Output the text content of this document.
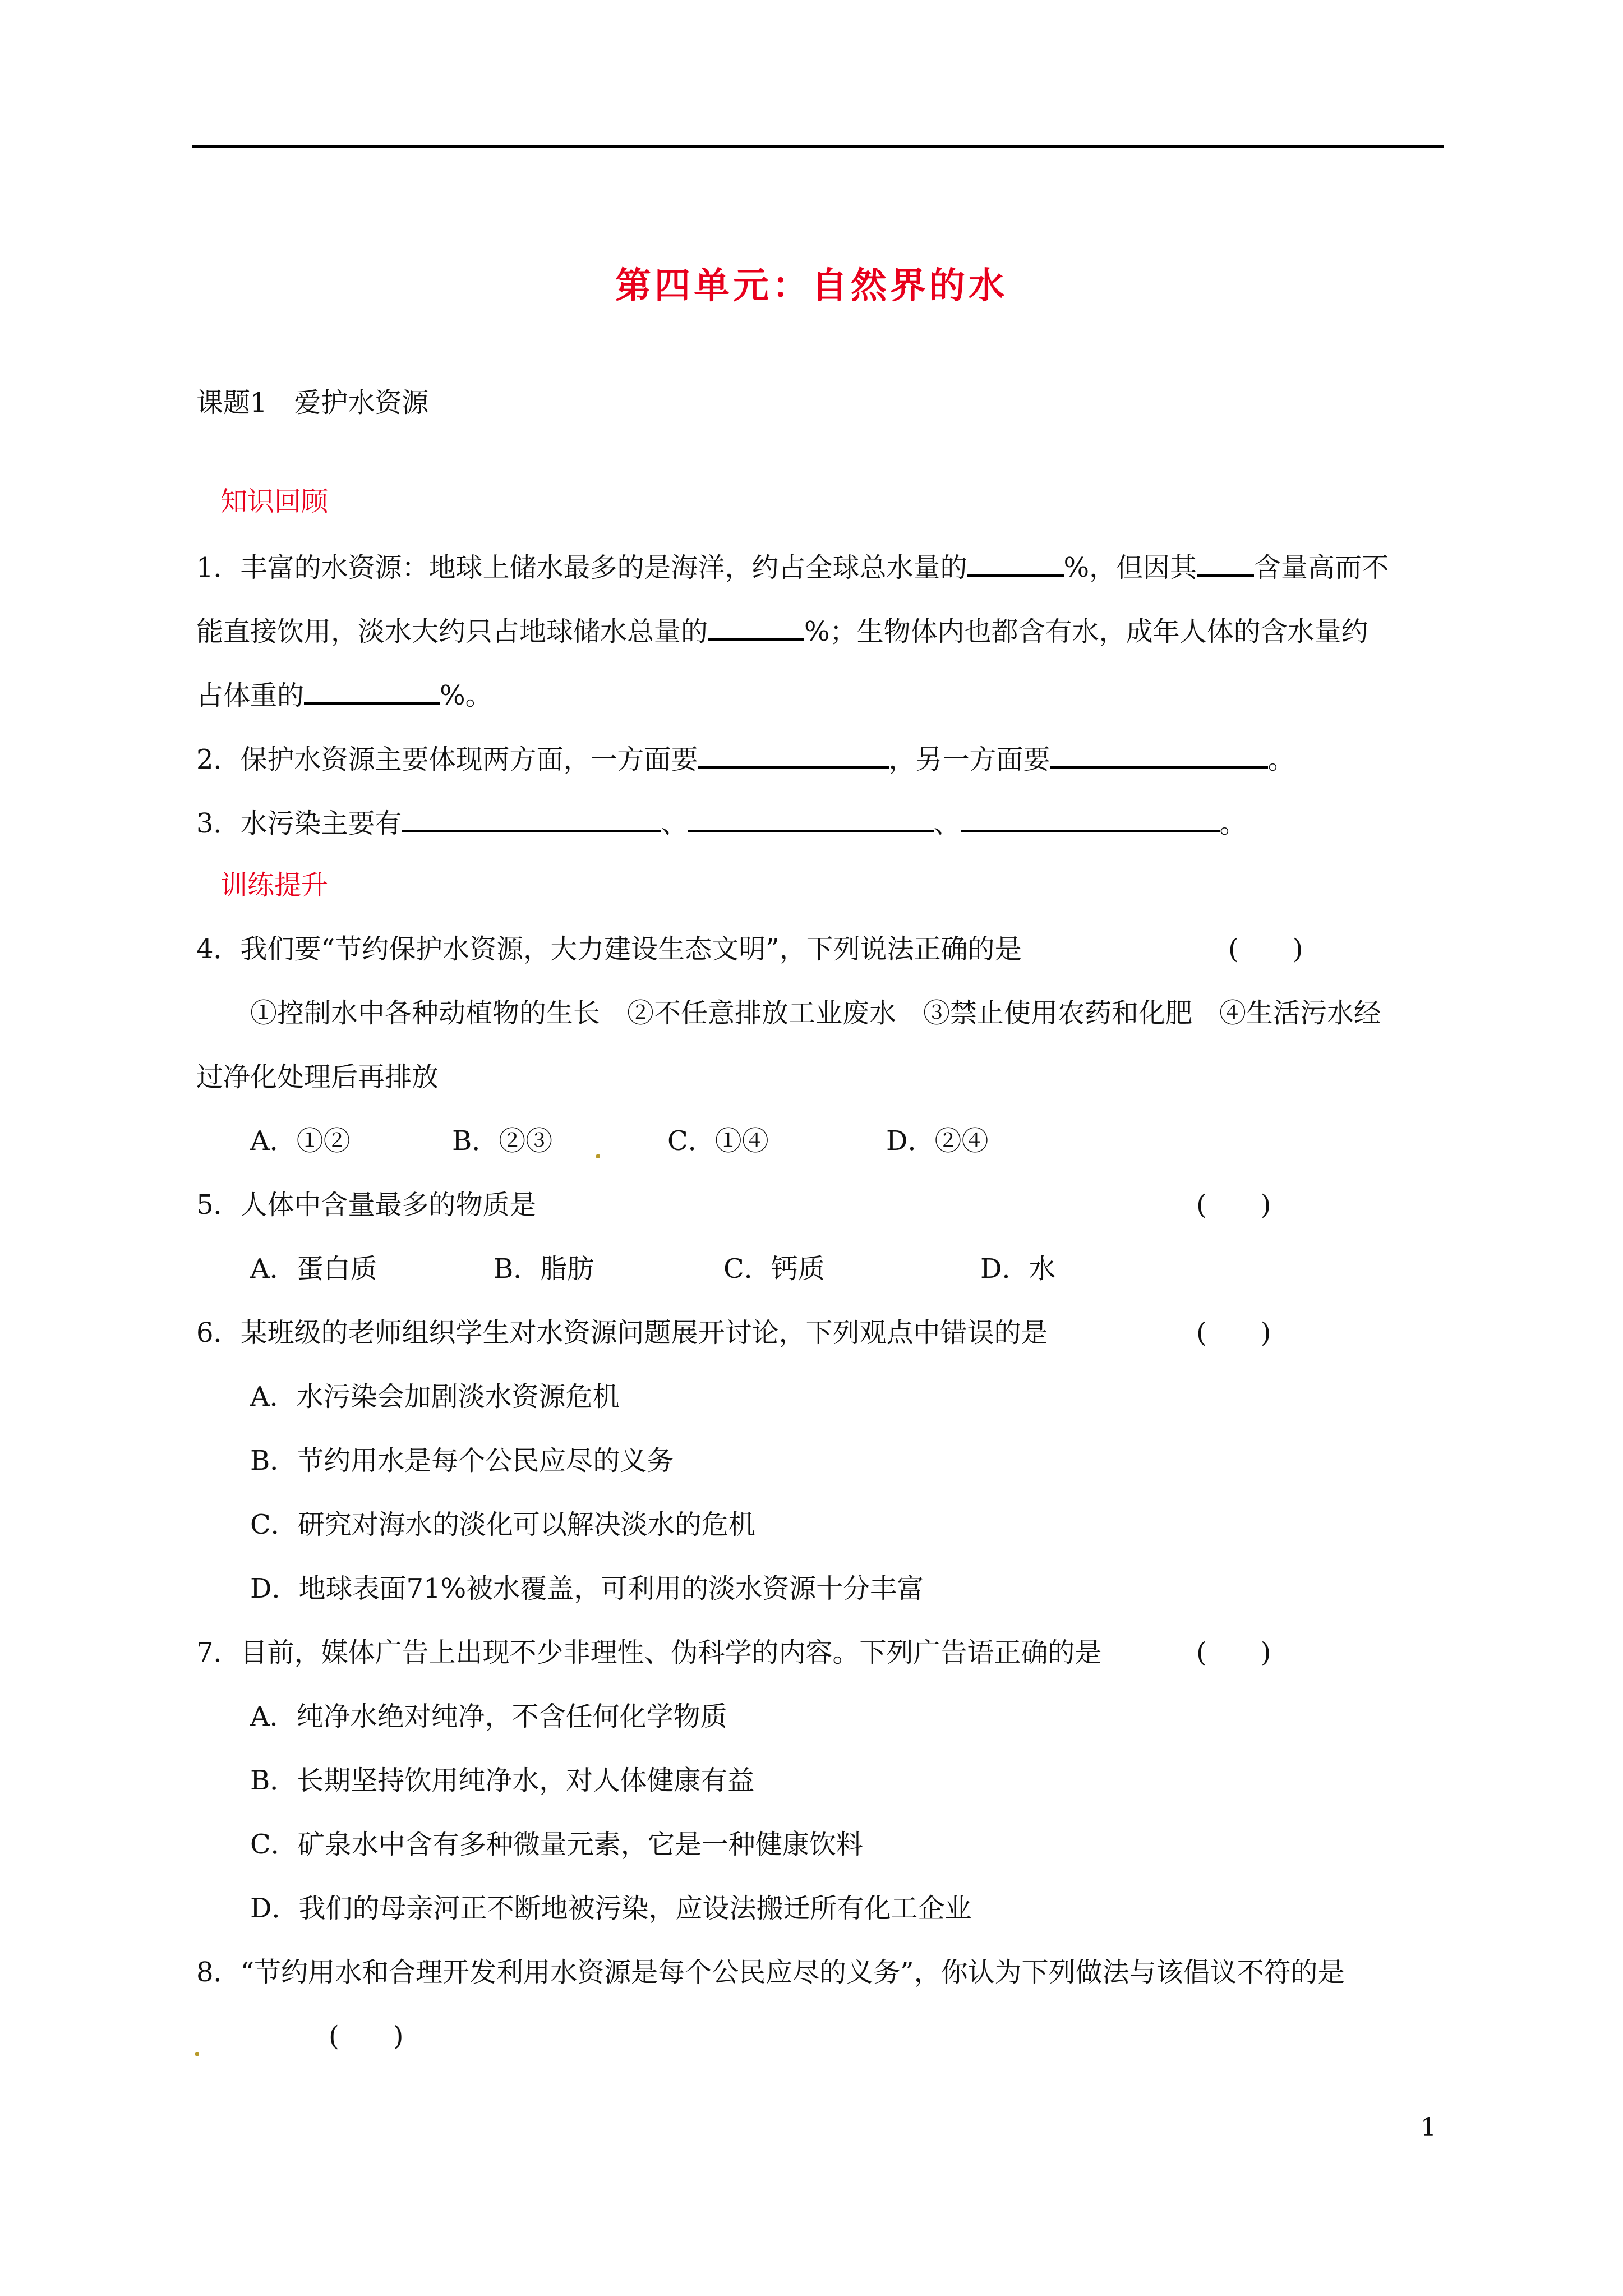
第四单元：自然界的水
课题1　爱护水资源
知识回顾
1．丰富的水资源：地球上储水最多的是海洋，约占全球总水量的	%，但因其 含量高而不
能直接饮用，淡水大约只占地球储水总量的	%；生物体内也都含有水，成年人体的含水量约
占体重的	%。
2．保护水资源主要体现两方面，一方面要	，另一方面要	。
3．水污染主要有	、	、	。
训练提升
4．我们要“节约保护水资源，大力建设生态文明”，下列说法正确的是	(　　)
①控制水中各种动植物的生长　②不任意排放工业废水　③禁止使用农药和化肥　④生活污水经
过净化处理后再排放
A．①②	B．②③	C．①④	D．②④
5．人体中含量最多的物质是	(　　)
A．蛋白质	B．脂肪	C．钙质	D．水
6．某班级的老师组织学生对水资源问题展开讨论，下列观点中错误的是	(　　)
A．水污染会加剧淡水资源危机
B．节约用水是每个公民应尽的义务
C．研究对海水的淡化可以解决淡水的危机
D．地球表面71%被水覆盖，可利用的淡水资源十分丰富
7．目前，媒体广告上出现不少非理性、伪科学的内容。下列广告语正确的是	(　　)
A．纯净水绝对纯净，不含任何化学物质
B．长期坚持饮用纯净水，对人体健康有益
C．矿泉水中含有多种微量元素，它是一种健康饮料
D．我们的母亲河正不断地被污染，应设法搬迁所有化工企业
8．“节约用水和合理开发利用水资源是每个公民应尽的义务”，你认为下列做法与该倡议不符的是
(　　)
1
